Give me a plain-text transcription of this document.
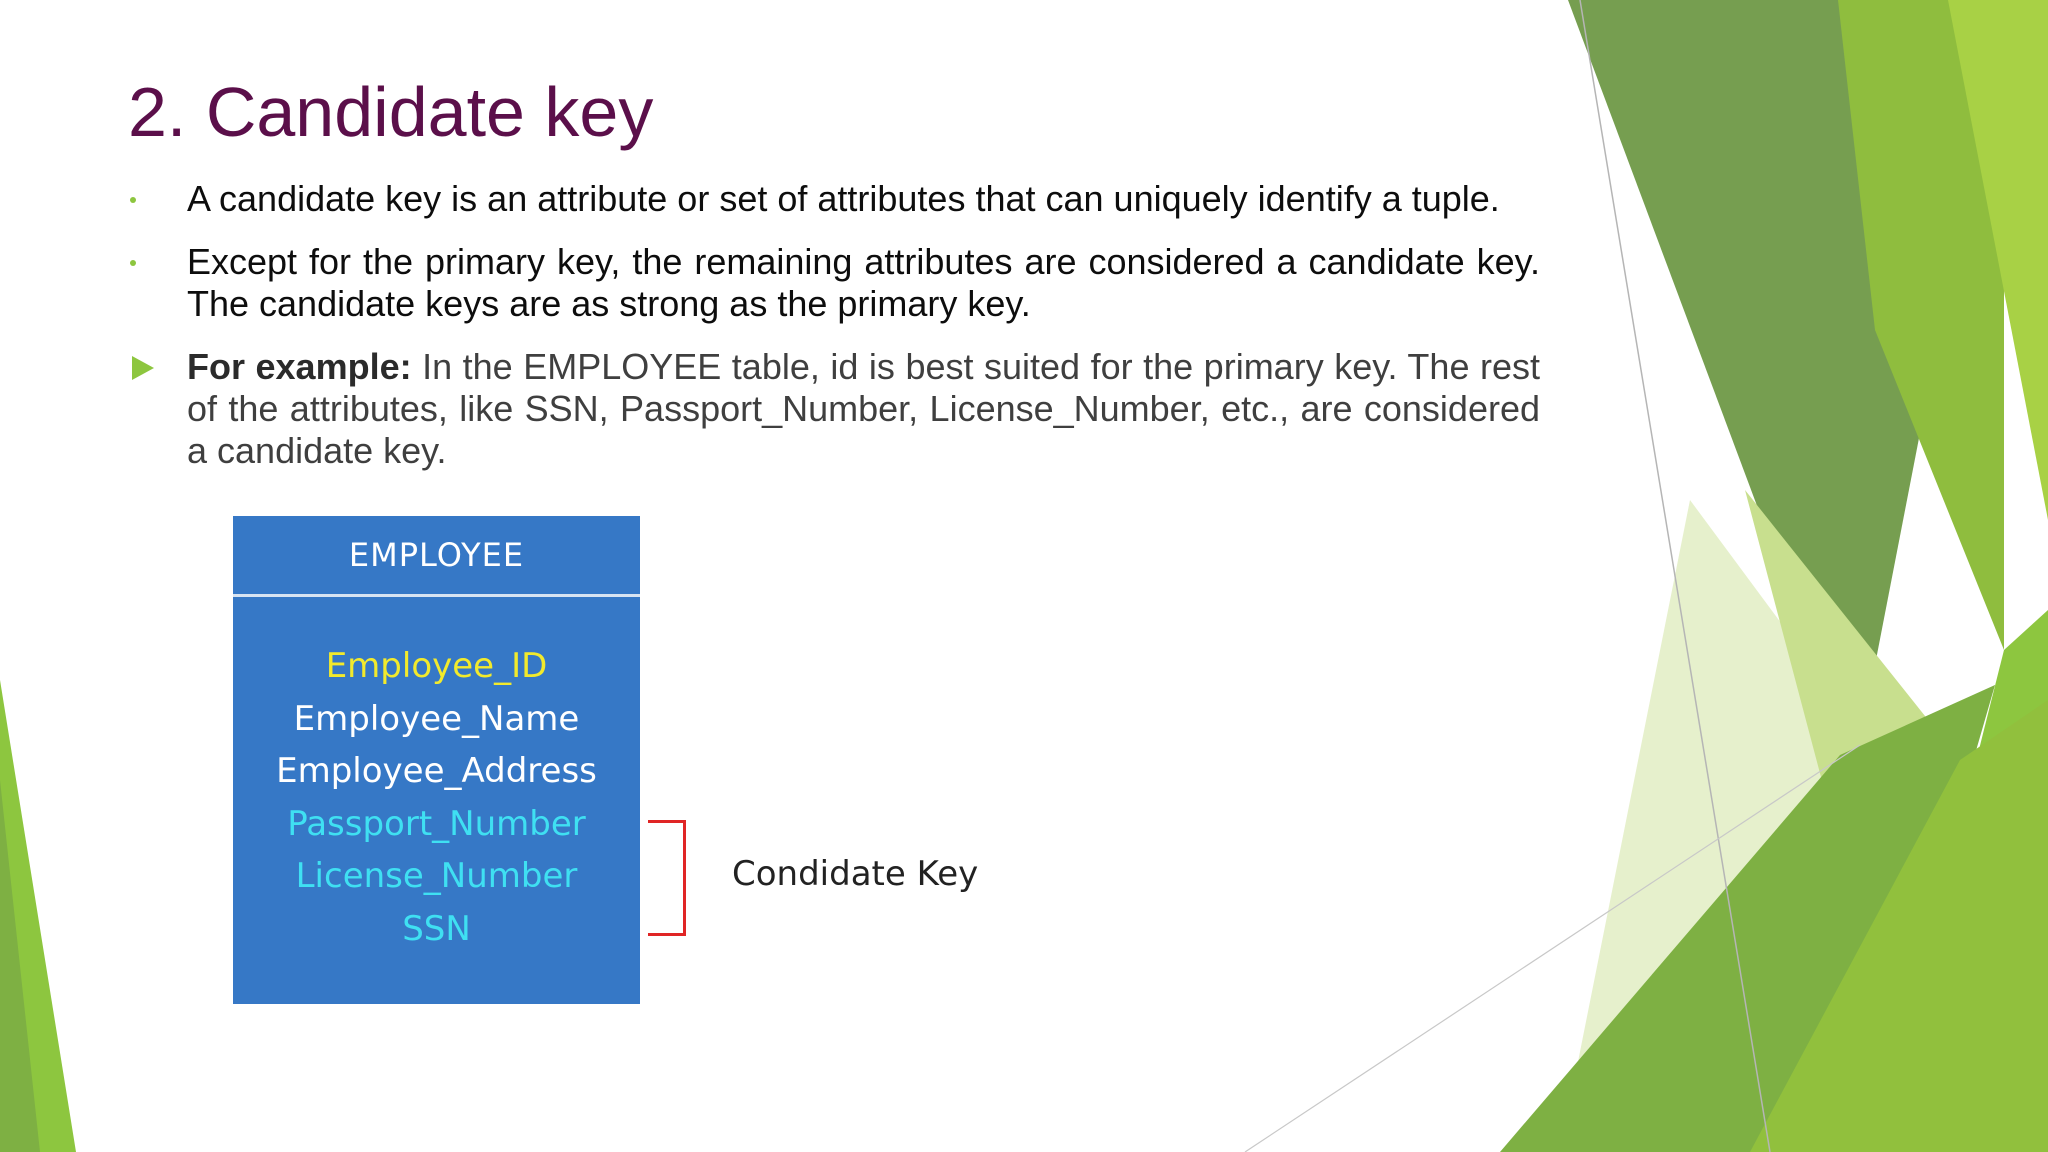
2. Candidate key

A candidate key is an attribute or set of attributes that can uniquely identify a tuple.

Except for the primary key, the remaining attributes are considered a candidate key. The candidate keys are as strong as the primary key.

For example: In the EMPLOYEE table, id is best suited for the primary key. The rest of the attributes, like SSN, Passport_Number, License_Number, etc., are considered a candidate key.

EMPLOYEE
Employee_ID
Employee_Name
Employee_Address
Passport_Number
License_Number
SSN
Condidate Key
